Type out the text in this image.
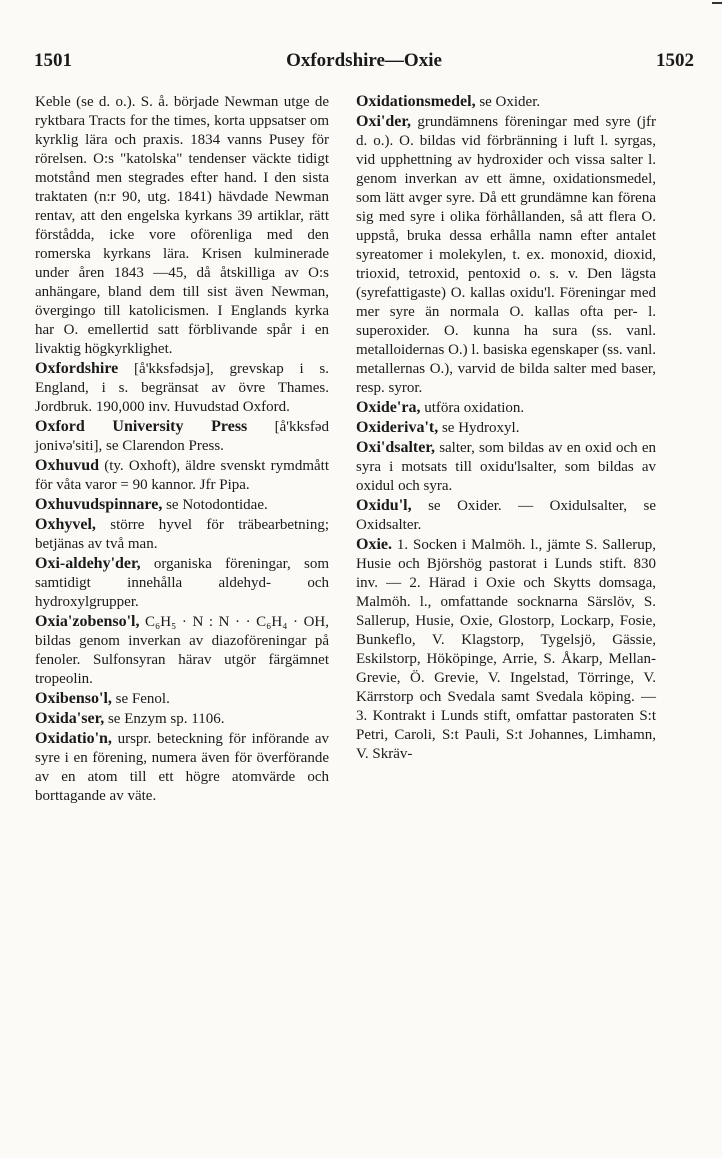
1501	Oxfordshire—Oxie	1502

Keble (se d. o.). S. å. började Newman utge de ryktbara Tracts for the times, korta uppsatser om kyrklig lära och praxis. 1834 vanns Pusey för rörelsen. O:s "katolska" tendenser väckte tidigt motstånd men stegrades efter hand. I den sista traktaten (n:r 90, utg. 1841) hävdade Newman rentav, att den engelska kyrkans 39 artiklar, rätt förstådda, icke vore oförenliga med den romerska kyrkans lära. Krisen kulminerade under åren 1843 —45, då åtskilliga av O:s anhängare, bland dem till sist även Newman, övergingo till katolicismen. I Englands kyrka har O. emellertid satt förblivande spår i en livaktig högkyrklighet.

Oxfordshire [å'kksfədsjə], grevskap i s. England, i s. begränsat av övre Thames. Jordbruk. 190,000 inv. Huvudstad Oxford.

Oxford University Press [å'kksfəd jonivə'siti], se Clarendon Press.

Oxhuvud (ty. Oxhoft), äldre svenskt rymdmått för våta varor = 90 kannor. Jfr Pipa.

Oxhuvudspinnare, se Notodontidae.

Oxhyvel, större hyvel för träbearbetning; betjänas av två man.

Oxi-aldehy'der, organiska föreningar, som samtidigt innehålla aldehyd- och hydroxylgrupper.

Oxia'zobenso'l, C₆H₅ · N : N · · C₆H₄ · OH, bildas genom inverkan av diazoföreningar på fenoler. Sulfonsyran härav utgör färgämnet tropeolin.

Oxibenso'l, se Fenol.

Oxida'ser, se Enzym sp. 1106.

Oxidatio'n, urspr. beteckning för införande av syre i en förening, numera även för överförande av en atom till ett högre atomvärde och borttagande av väte.

Oxidationsmedel, se Oxider.

Oxi'der, grundämnens föreningar med syre (jfr d. o.). O. bildas vid förbränning i luft l. syrgas, vid upphettning av hydroxider och vissa salter l. genom inverkan av ett ämne, oxidationsmedel, som lätt avger syre. Då ett grundämne kan förena sig med syre i olika förhållanden, så att flera O. uppstå, bruka dessa erhålla namn efter antalet syreatomer i molekylen, t. ex. monoxid, dioxid, trioxid, tetroxid, pentoxid o. s. v. Den lägsta (syrefattigaste) O. kallas oxidu'l. Föreningar med mer syre än normala O. kallas ofta per- l. superoxider. O. kunna ha sura (ss. vanl. metalloidernas O.) l. basiska egenskaper (ss. vanl. metallernas O.), varvid de bilda salter med baser, resp. syror.

Oxide'ra, utföra oxidation.

Oxideriva't, se Hydroxyl.

Oxi'dsalter, salter, som bildas av en oxid och en syra i motsats till oxidu'lsalter, som bildas av oxidul och syra.

Oxidu'l, se Oxider. — Oxidulsalter, se Oxidsalter.

Oxie. 1. Socken i Malmöh. l., jämte S. Sallerup, Husie och Björshög pastorat i Lunds stift. 830 inv. — 2. Härad i Oxie och Skytts domsaga, Malmöh. l., omfattande socknarna Särslöv, S. Sallerup, Husie, Oxie, Glostorp, Lockarp, Fosie, Bunkeflo, V. Klagstorp, Tygelsjö, Gässie, Eskilstorp, Hököpinge, Arrie, S. Åkarp, Mellan-Grevie, Ö. Grevie, V. Ingelstad, Törringe, V. Kärrstorp och Svedala samt Svedala köping. — 3. Kontrakt i Lunds stift, omfattar pastoraten S:t Petri, Caroli, S:t Pauli, S:t Johannes, Limhamn, V. Skräv-
